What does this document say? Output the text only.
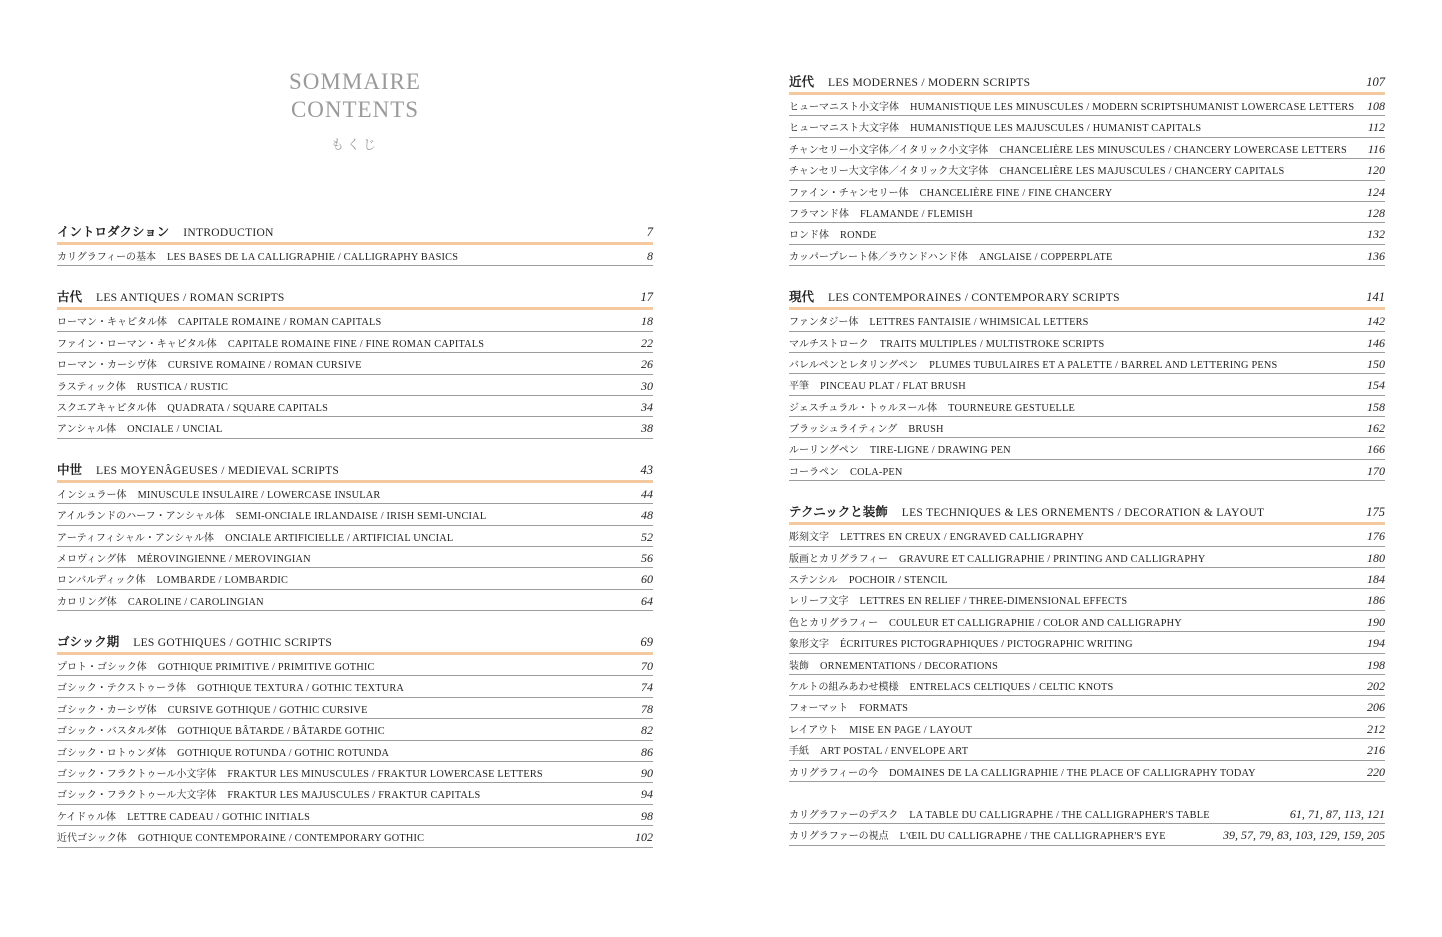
SOMMAIRE
CONTENTS
もくじ
イントロダクション INTRODUCTION	7
カリグラフィーの基本 LES BASES DE LA CALLIGRAPHIE / CALLIGRAPHY BASICS	8
古代 LES ANTIQUES / ROMAN SCRIPTS	17
ローマン・キャピタル体 CAPITALE ROMAINE / ROMAN CAPITALS	18
ファイン・ローマン・キャピタル体 CAPITALE ROMAINE FINE / FINE ROMAN CAPITALS	22
ローマン・カーシヴ体 CURSIVE ROMAINE / ROMAN CURSIVE	26
ラスティック体 RUSTICA / RUSTIC	30
スクエアキャピタル体 QUADRATA / SQUARE CAPITALS	34
アンシャル体 ONCIALE / UNCIAL	38
中世 LES MOYENÂGEUSES / MEDIEVAL SCRIPTS	43
インシュラー体 MINUSCULE INSULAIRE / LOWERCASE INSULAR	44
アイルランドのハーフ・アンシャル体 SEMI-ONCIALE IRLANDAISE / IRISH SEMI-UNCIAL	48
アーティフィシャル・アンシャル体 ONCIALE ARTIFICIELLE / ARTIFICIAL UNCIAL	52
メロヴィング体 MÉROVINGIENNE / MEROVINGIAN	56
ロンバルディック体 LOMBARDE / LOMBARDIC	60
カロリング体 CAROLINE / CAROLINGIAN	64
ゴシック期 LES GOTHIQUES / GOTHIC SCRIPTS	69
プロト・ゴシック体 GOTHIQUE PRIMITIVE / PRIMITIVE GOTHIC	70
ゴシック・テクストゥーラ体 GOTHIQUE TEXTURA / GOTHIC TEXTURA	74
ゴシック・カーシヴ体 CURSIVE GOTHIQUE / GOTHIC CURSIVE	78
ゴシック・バスタルダ体 GOTHIQUE BÂTARDE / BÂTARDE GOTHIC	82
ゴシック・ロトゥンダ体 GOTHIQUE ROTUNDA / GOTHIC ROTUNDA	86
ゴシック・フラクトゥール小文字体 FRAKTUR LES MINUSCULES / FRAKTUR LOWERCASE LETTERS	90
ゴシック・フラクトゥール大文字体 FRAKTUR LES MAJUSCULES / FRAKTUR CAPITALS	94
ケイドゥル体 LETTRE CADEAU / GOTHIC INITIALS	98
近代ゴシック体 GOTHIQUE CONTEMPORAINE / CONTEMPORARY GOTHIC	102
近代 LES MODERNES / MODERN SCRIPTS	107
ヒューマニスト小文字体 HUMANISTIQUE LES MINUSCULES / MODERN SCRIPTSHUMANIST LOWERCASE LETTERS	108
ヒューマニスト大文字体 HUMANISTIQUE LES MAJUSCULES / HUMANIST CAPITALS	112
チャンセリー小文字体／イタリック小文字体 CHANCELIÈRE LES MINUSCULES / CHANCERY LOWERCASE LETTERS	116
チャンセリー大文字体／イタリック大文字体 CHANCELIÈRE LES MAJUSCULES / CHANCERY CAPITALS	120
ファイン・チャンセリー体 CHANCELIÈRE FINE / FINE CHANCERY	124
フラマンド体 FLAMANDE / FLEMISH	128
ロンド体 RONDE	132
カッパープレート体／ラウンドハンド体 ANGLAISE / COPPERPLATE	136
現代 LES CONTEMPORAINES / CONTEMPORARY SCRIPTS	141
ファンタジー体 LETTRES FANTAISIE / WHIMSICAL LETTERS	142
マルチストローク TRAITS MULTIPLES / MULTISTROKE SCRIPTS	146
バレルペンとレタリングペン PLUMES TUBULAIRES ET A PALETTE / BARREL AND LETTERING PENS	150
平筆 PINCEAU PLAT / FLAT BRUSH	154
ジェスチュラル・トゥルヌール体 TOURNEURE GESTUELLE	158
ブラッシュライティング BRUSH	162
ルーリングペン TIRE-LIGNE / DRAWING PEN	166
コーラペン COLA-PEN	170
テクニックと装飾 LES TECHNIQUES & LES ORNEMENTS / DECORATION & LAYOUT	175
彫刻文字 LETTRES EN CREUX / ENGRAVED CALLIGRAPHY	176
版画とカリグラフィー GRAVURE ET CALLIGRAPHIE / PRINTING AND CALLIGRAPHY	180
ステンシル POCHOIR / STENCIL	184
レリーフ文字 LETTRES EN RELIEF / THREE-DIMENSIONAL EFFECTS	186
色とカリグラフィー COULEUR ET CALLIGRAPHIE / COLOR AND CALLIGRAPHY	190
象形文字 ÉCRITURES PICTOGRAPHIQUES / PICTOGRAPHIC WRITING	194
装飾 ORNEMENTATIONS / DECORATIONS	198
ケルトの組みあわせ模様 ENTRELACS CELTIQUES / CELTIC KNOTS	202
フォーマット FORMATS	206
レイアウト MISE EN PAGE / LAYOUT	212
手紙 ART POSTAL / ENVELOPE ART	216
カリグラフィーの今 DOMAINES DE LA CALLIGRAPHIE / THE PLACE OF CALLIGRAPHY TODAY	220
カリグラファーのデスク LA TABLE DU CALLIGRAPHE / THE CALLIGRAPHER'S TABLE	61, 71, 87, 113, 121
カリグラファーの視点 L'ŒIL DU CALLIGRAPHE / THE CALLIGRAPHER'S EYE	39, 57, 79, 83, 103, 129, 159, 205
